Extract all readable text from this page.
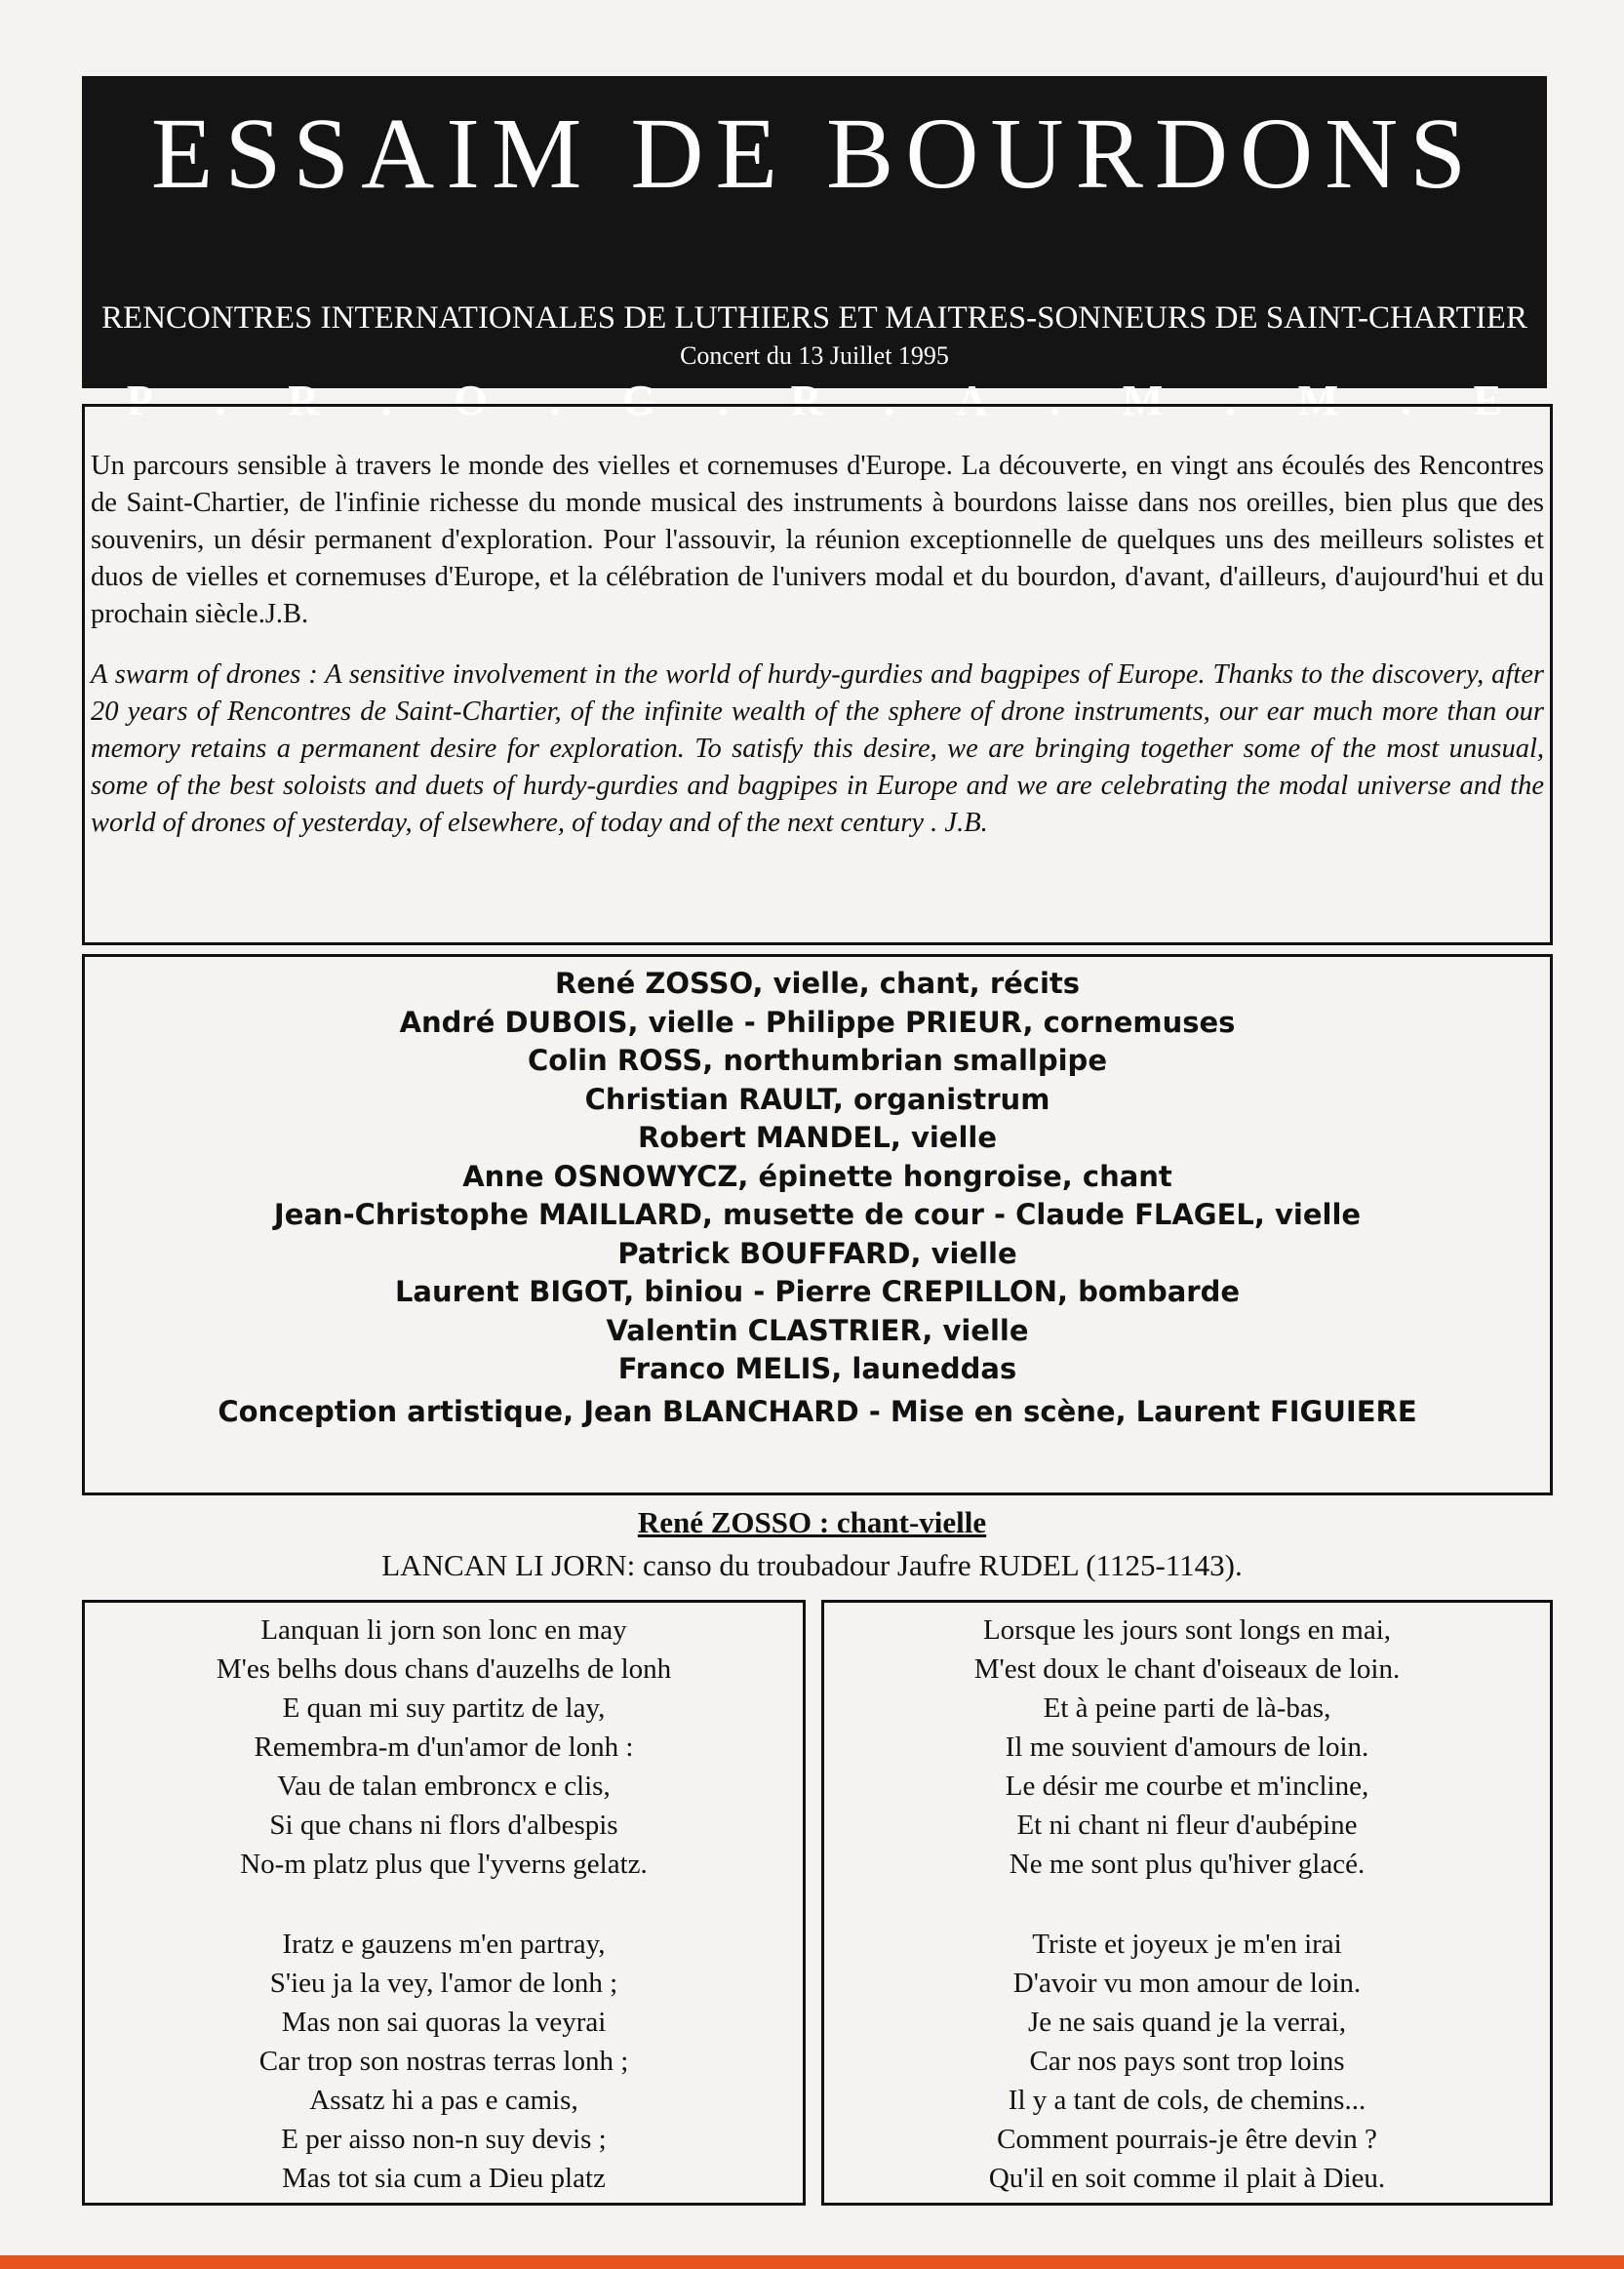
ESSAIM DE BOURDONS
RENCONTRES INTERNATIONALES DE LUTHIERS ET MAITRES-SONNEURS DE SAINT-CHARTIER
Concert du 13 Juillet 1995
P . R . O . G . R . A . M . M . E

Un parcours sensible à travers le monde des vielles et cornemuses d'Europe. La découverte, en vingt ans écoulés des Rencontres de Saint-Chartier, de l'infinie richesse du monde musical des instruments à bourdons laisse dans nos oreilles, bien plus que des souvenirs, un désir permanent d'exploration. Pour l'assouvir, la réunion exceptionnelle de quelques uns des meilleurs solistes et duos de vielles et cornemuses d'Europe, et la célébration de l'univers modal et du bourdon, d'avant, d'ailleurs, d'aujourd'hui et du prochain siècle.J.B.

A swarm of drones : A sensitive involvement in the world of hurdy-gurdies and bagpipes of Europe. Thanks to the discovery, after 20 years of Rencontres de Saint-Chartier, of the infinite wealth of the sphere of drone instruments, our ear much more than our memory retains a permanent desire for exploration. To satisfy this desire, we are bringing together some of the most unusual, some of the best soloists and duets of hurdy-gurdies and bagpipes in Europe and we are celebrating the modal universe and the world of drones of yesterday, of elsewhere, of today and of the next century . J.B.

René ZOSSO, vielle, chant, récits
André DUBOIS, vielle - Philippe PRIEUR, cornemuses
Colin ROSS, northumbrian smallpipe
Christian RAULT, organistrum
Robert MANDEL, vielle
Anne OSNOWYCZ, épinette hongroise, chant
Jean-Christophe MAILLARD, musette de cour - Claude FLAGEL, vielle
Patrick BOUFFARD, vielle
Laurent BIGOT, biniou - Pierre CREPILLON, bombarde
Valentin CLASTRIER, vielle
Franco MELIS, launeddas
Conception artistique, Jean BLANCHARD - Mise en scène, Laurent FIGUIERE
René ZOSSO : chant-vielle
LANCAN LI JORN: canso du troubadour Jaufre RUDEL (1125-1143).
Lanquan li jorn son lonc en may
M'es belhs dous chans d'auzelhs de lonh
E quan mi suy partitz de lay,
Remembra-m d'un'amor de lonh :
Vau de talan embroncx e clis,
Si que chans ni flors d'albespis
No-m platz plus que l'yverns gelatz.
Iratz e gauzens m'en partray,
S'ieu ja la vey, l'amor de lonh ;
Mas non sai quoras la veyrai
Car trop son nostras terras lonh ;
Assatz hi a pas e camis,
E per aisso non-n suy devis ;
Mas tot sia cum a Dieu platz
Lorsque les jours sont longs en mai,
M'est doux le chant d'oiseaux de loin.
Et à peine parti de là-bas,
Il me souvient d'amours de loin.
Le désir me courbe et m'incline,
Et ni chant ni fleur d'aubépine
Ne me sont plus qu'hiver glacé.
Triste et joyeux je m'en irai
D'avoir vu mon amour de loin.
Je ne sais quand je la verrai,
Car nos pays sont trop loins
Il y a tant de cols, de chemins...
Comment pourrais-je être devin ?
Qu'il en soit comme il plait à Dieu.
